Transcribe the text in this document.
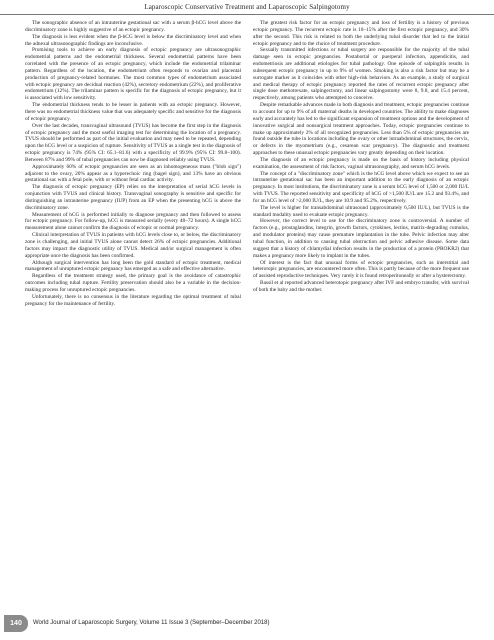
Laparoscopic Conservative Treatment and Laparoscopic Salpingotomy

The sonographic absence of an intrauterine gestational sac with a serum β-hCG level above the discriminatory zone is highly suggestive of an ectopic pregnancy.

The diagnosis is less evident when the β-hCG level is below the discriminatory level and when the adnexal ultrasonographic findings are inconclusive.

Promising tools to achieve an early diagnosis of ectopic pregnancy are ultrasonographic endometrial patterns and the endometrial thickness. Several endometrial patterns have been correlated with the presence of an ectopic pregnancy, which include the endometrial trilaminar pattern. Regardless of the location, the endometrium often responds to ovarian and placental production of pregnancy-related hormones. The most common types of endometrium associated with ectopic pregnancy are decidual reaction (42%), secretory endometrium (22%), and proliferative endometrium (12%). The trilaminar pattern is specific for the diagnosis of ectopic pregnancy, but it is associated with low sensitivity.

The endometrial thickness tends to be lesser in patients with an ectopic pregnancy. However, there was no endometrial thickness value that was adequately specific and sensitive for the diagnosis of ectopic pregnancy.

Over the last decades, transvaginal ultrasound (TVUS) has become the first step in the diagnosis of ectopic pregnancy and the most useful imaging test for determining the location of a pregnancy. TVUS should be performed as part of the initial evaluation and may need to be repeated, depending upon the hCG level or a suspicion of rupture. Sensitivity of TVUS as a single test in the diagnosis of ectopic pregnancy is 74% (95% CI: 65.1–81.6) with a specificity of 99.9% (95% CI: 99.8–100). Between 87% and 99% of tubal pregnancies can now be diagnosed reliably using TVUS.

Approximately 60% of ectopic pregnancies are seen as an inhomogeneous mass ("blob sign") adjacent to the ovary, 20% appear as a hyperechoic ring (bagel sign), and 13% have an obvious gestational sac with a fetal pole, with or without fetal cardiac activity.

The diagnosis of ectopic pregnancy (EP) relies on the interpretation of serial hCG levels in conjunction with TVUS and clinical history. Transvaginal sonography is sensitive and specific for distinguishing an intrauterine pregnancy (IUP) from an EP when the presenting hCG is above the discriminatory zone.

Measurement of hCG is performed initially to diagnose pregnancy and then followed to assess for ectopic pregnancy. For follow-up, hCG is measured serially (every 48–72 hours). A single hCG measurement alone cannot confirm the diagnosis of ectopic or normal pregnancy.

Clinical interpretation of TVUS in patients with hCG levels close to, or below, the discriminatory zone is challenging, and initial TVUS alone cannot detect 26% of ectopic pregnancies. Additional factors may impact the diagnostic utility of TVUS. Medical and/or surgical management is often appropriate once the diagnosis has been confirmed.

Although surgical intervention has long been the gold standard of ectopic treatment, medical management of unruptured ectopic pregnancy has emerged as a safe and effective alternative.

Regardless of the treatment strategy used, the primary goal is the avoidance of catastrophic outcomes including tubal rupture. Fertility preservation should also be a variable in the decision-making process for unruptured ectopic pregnancies.

Unfortunately, there is no consensus in the literature regarding the optimal treatment of tubal pregnancy for the maintenance of fertility.

The greatest risk factor for an ectopic pregnancy and loss of fertility is a history of previous ectopic pregnancy. The recurrent ectopic rate is 10–15% after the first ectopic pregnancy, and 30% after the second. This risk is related to both the underlying tubal disorder that led to the initial ectopic pregnancy and to the choice of treatment procedure.

Sexually transmitted infections or tubal surgery are responsible for the majority of the tubal damage seen in ectopic pregnancies. Postabortal or puerperal infection, appendicitis, and endometriosis are additional etiologies for tubal pathology. One episode of salpingitis results in subsequent ectopic pregnancy in up to 9% of women. Smoking is also a risk factor but may be a surrogate marker as it coincides with other high-risk behaviors. As an example, a study of surgical and medical therapy of ectopic pregnancy reported the rates of recurrent ectopic pregnancy after single dose methotrexate, salpingectomy, and linear salpingostomy were 8, 9.8, and 15.4 percent, respectively, among patients who attempted to conceive.

Despite remarkable advances made in both diagnosis and treatment, ectopic pregnancies continue to account for up to 9% of all maternal deaths in developed countries. The ability to make diagnoses early and accurately has led to the significant expansion of treatment options and the development of innovative surgical and nonsurgical treatment approaches. Today, ectopic pregnancies continue to make up approximately 2% of all recognized pregnancies. Less than 5% of ectopic pregnancies are found outside the tube in locations including the ovary or other intraabdominal structures, the cervix, or defects in the myometrium (e.g., cesarean scar pregnancy). The diagnostic and treatment approaches to these unusual ectopic pregnancies vary greatly depending on their location.

The diagnosis of an ectopic pregnancy is made on the basis of history including physical examination, the assessment of risk factors, vaginal ultrasonography, and serum hCG levels.

The concept of a "discriminatory zone" which is the hCG level above which we expect to see an intrauterine gestational sac has been an important addition to the early diagnosis of an ectopic pregnancy. In most institutions, the discriminatory zone is a serum hCG level of 1,500 or 2,000 IU/L with TVUS. The reported sensitivity and specificity of hCG of >1,500 IU/L are 15.2 and 93.4%, and for an hCG level of >2,000 IU/L, they are 10.9 and 95.2%, respectively.

The level is higher for transabdominal ultrasound (approximately 6,500 IU/L), but TVUS is the standard modality used to evaluate ectopic pregnancy.

However, the correct level to use for the discriminatory zone is controversial. A number of factors (e.g., prostaglandins, integrin, growth factors, cytokines, lectins, matrix-degrading cumulus, and modulator proteins) may cause premature implantation in the tube. Pelvic infection may alter tubal function, in addition to causing tubal obstruction and pelvic adhesive disease. Some data suggest that a history of chlamydial infection results in the production of a protein (PROKR2) that makes a pregnancy more likely to implant in the tubes.

Of interest is the fact that unusual forms of ectopic pregnancies, such as interstitial and heterotopic pregnancies, are encountered more often. This is partly because of the more frequent use of assisted reproductive techniques. Very rarely it is found retroperitoneally or after a hysterectomy.

Bassil et al reported advanced heterotopic pregnancy after IVF and embryo transfer, with survival of both the baby and the mother.

140	World Journal of Laparoscopic Surgery, Volume 11 Issue 3 (September–December 2018)
